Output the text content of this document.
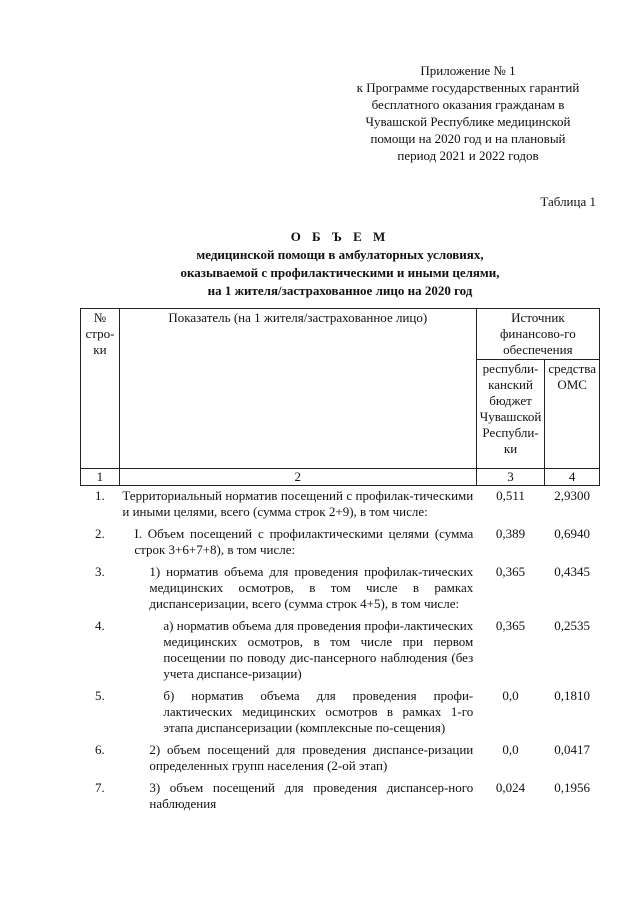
Приложение № 1
к Программе государственных гарантий
бесплатного оказания гражданам в
Чувашской Республике медицинской
помощи на 2020 год и на плановый
период 2021 и 2022 годов
Таблица 1
О Б Ъ Е М
медицинской помощи в амбулаторных условиях,
оказываемой с профилактическими и иными целями,
на 1 жителя/застрахованное лицо на 2020 год
№ стро-ки	Показатель (на 1 жителя/застрахованное лицо)	Источник финансово-го обеспечения	
		республи-канский бюджет Чувашской Республи-ки	средства ОМС
1	2	3	4
1.	Территориальный норматив посещений с профилак-тическими и иными целями, всего (сумма строк 2+9), в том числе:	0,511	2,9300
2.	I. Объем посещений с профилактическими целями (сумма строк 3+6+7+8), в том числе:	0,389	0,6940
3.	1) норматив объема для проведения профилак-тических медицинских осмотров, в том числе в рамках диспансеризации, всего (сумма строк 4+5), в том числе:	0,365	0,4345
4.	а) норматив объема для проведения профи-лактических медицинских осмотров, в том числе при первом посещении по поводу дис-пансерного наблюдения (без учета диспансе-ризации)	0,365	0,2535
5.	б) норматив объема для проведения профи-лактических медицинских осмотров в рамках 1-го этапа диспансеризации (комплексные по-сещения)	0,0	0,1810
6.	2) объем посещений для проведения диспансе-ризации определенных групп населения (2-ой этап)	0,0	0,0417
7.	3) объем посещений для проведения диспансер-ного наблюдения	0,024	0,1956
